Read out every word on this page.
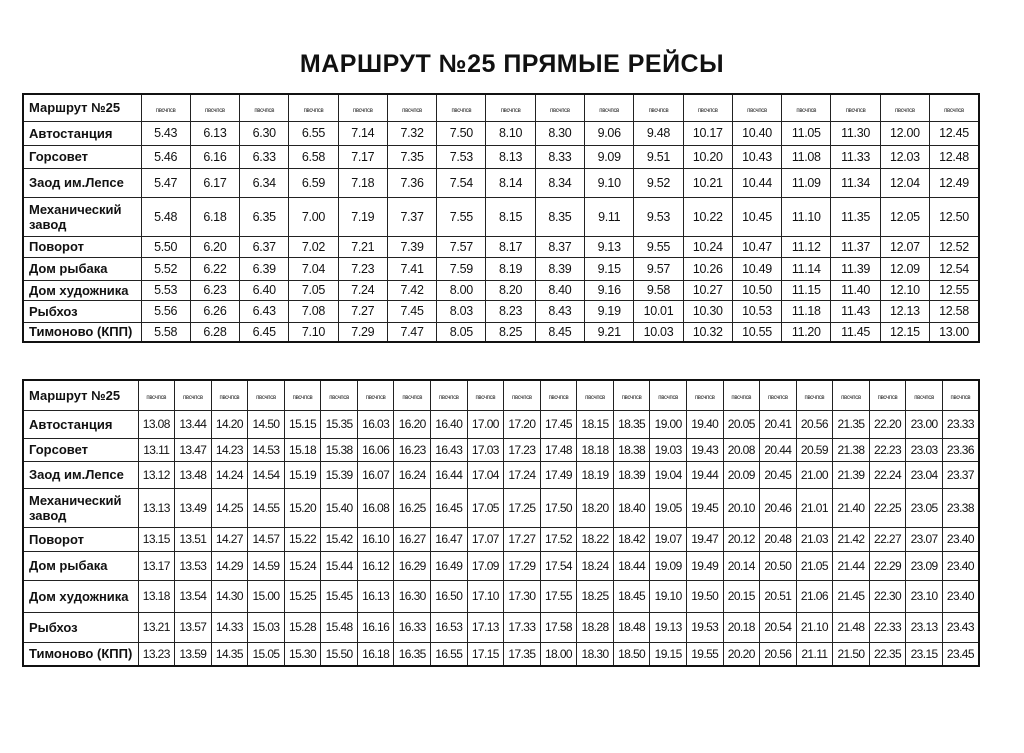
МАРШРУТ №25 ПРЯМЫЕ РЕЙСЫ
Маршрут №25	пвсчпсв	пвсчпсв	пвсчпсв	пвсчпсв	пвсчпсв	пвсчпсв	пвсчпсв	пвсчпсв	пвсчпсв	пвсчпсв	пвсчпсв	пвсчпсв	пвсчпсв	пвсчпсв	пвсчпсв	пвсчпсв	пвсчпсв
Автостанция	5.43	6.13	6.30	6.55	7.14	7.32	7.50	8.10	8.30	9.06	9.48	10.17	10.40	11.05	11.30	12.00	12.45
Горсовет	5.46	6.16	6.33	6.58	7.17	7.35	7.53	8.13	8.33	9.09	9.51	10.20	10.43	11.08	11.33	12.03	12.48
Заод им.Лепсе	5.47	6.17	6.34	6.59	7.18	7.36	7.54	8.14	8.34	9.10	9.52	10.21	10.44	11.09	11.34	12.04	12.49
Механический завод	5.48	6.18	6.35	7.00	7.19	7.37	7.55	8.15	8.35	9.11	9.53	10.22	10.45	11.10	11.35	12.05	12.50
Поворот	5.50	6.20	6.37	7.02	7.21	7.39	7.57	8.17	8.37	9.13	9.55	10.24	10.47	11.12	11.37	12.07	12.52
Дом рыбака	5.52	6.22	6.39	7.04	7.23	7.41	7.59	8.19	8.39	9.15	9.57	10.26	10.49	11.14	11.39	12.09	12.54
Дом художника	5.53	6.23	6.40	7.05	7.24	7.42	8.00	8.20	8.40	9.16	9.58	10.27	10.50	11.15	11.40	12.10	12.55
Рыбхоз	5.56	6.26	6.43	7.08	7.27	7.45	8.03	8.23	8.43	9.19	10.01	10.30	10.53	11.18	11.43	12.13	12.58
Тимоново (КПП)	5.58	6.28	6.45	7.10	7.29	7.47	8.05	8.25	8.45	9.21	10.03	10.32	10.55	11.20	11.45	12.15	13.00
Маршрут №25	пвсчпсв	пвсчпсв	пвсчпсв	пвсчпсв	пвсчпсв	пвсчпсв	пвсчпсв	пвсчпсв	пвсчпсв	пвсчпсв	пвсчпсв	пвсчпсв	пвсчпсв	пвсчпсв	пвсчпсв	пвсчпсв	пвсчпсв	пвсчпсв	пвсчпсв	пвсчпсв	пвсчпсв	пвсчпсв	пвсчпсв
Автостанция	13.08	13.44	14.20	14.50	15.15	15.35	16.03	16.20	16.40	17.00	17.20	17.45	18.15	18.35	19.00	19.40	20.05	20.41	20.56	21.35	22.20	23.00	23.33
Горсовет	13.11	13.47	14.23	14.53	15.18	15.38	16.06	16.23	16.43	17.03	17.23	17.48	18.18	18.38	19.03	19.43	20.08	20.44	20.59	21.38	22.23	23.03	23.36
Заод им.Лепсе	13.12	13.48	14.24	14.54	15.19	15.39	16.07	16.24	16.44	17.04	17.24	17.49	18.19	18.39	19.04	19.44	20.09	20.45	21.00	21.39	22.24	23.04	23.37
Механический завод	13.13	13.49	14.25	14.55	15.20	15.40	16.08	16.25	16.45	17.05	17.25	17.50	18.20	18.40	19.05	19.45	20.10	20.46	21.01	21.40	22.25	23.05	23.38
Поворот	13.15	13.51	14.27	14.57	15.22	15.42	16.10	16.27	16.47	17.07	17.27	17.52	18.22	18.42	19.07	19.47	20.12	20.48	21.03	21.42	22.27	23.07	23.40
Дом рыбака	13.17	13.53	14.29	14.59	15.24	15.44	16.12	16.29	16.49	17.09	17.29	17.54	18.24	18.44	19.09	19.49	20.14	20.50	21.05	21.44	22.29	23.09	23.40
Дом художника	13.18	13.54	14.30	15.00	15.25	15.45	16.13	16.30	16.50	17.10	17.30	17.55	18.25	18.45	19.10	19.50	20.15	20.51	21.06	21.45	22.30	23.10	23.40
Рыбхоз	13.21	13.57	14.33	15.03	15.28	15.48	16.16	16.33	16.53	17.13	17.33	17.58	18.28	18.48	19.13	19.53	20.18	20.54	21.10	21.48	22.33	23.13	23.43
Тимоново (КПП)	13.23	13.59	14.35	15.05	15.30	15.50	16.18	16.35	16.55	17.15	17.35	18.00	18.30	18.50	19.15	19.55	20.20	20.56	21.11	21.50	22.35	23.15	23.45
